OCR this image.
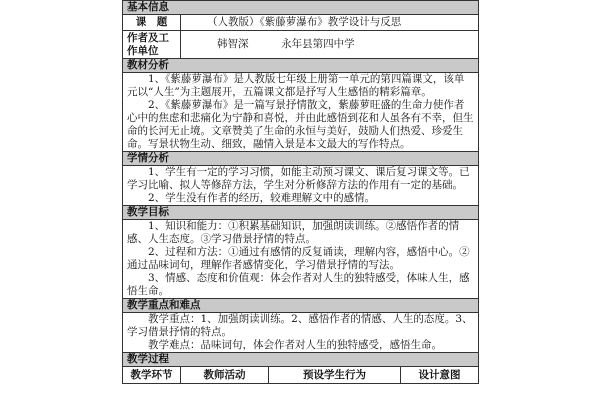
基本信息			
课　题	（人教版）《紫藤萝瀑布》教学设计与反思		
作者及工作单位	韩智深 永年县第四中学		
教材分析			

1、《紫藤萝瀑布》是人教版七年级上册第一单元的第四篇课文，该单元以“人生”为主题展开，五篇课文都是抒写人生感悟的精彩篇章。

2、《紫藤萝瀑布》是一篇写景抒情散文，紫藤萝旺盛的生命力使作者心中的焦虑和悲痛化为宁静和喜悦，并由此感悟到花和人虽各有不幸，但生命的长河无止境。文章赞美了生命的永恒与美好，鼓励人们热爱、珍爱生命。写景状物生动、细致，融情入景是本文最大的写作特点。			

学情分析			

1、学生有一定的学习习惯，如能主动预习课文、课后复习课文等。已学习比喻、拟人等修辞方法，学生对分析修辞方法的作用有一定的基础。

2、学生没有作者的经历，较难理解文中的感情。			

教学目标			

1、知识和能力：①积累基础知识，加强朗读训练。②感悟作者的情感、人生态度。③学习借景抒情的特点。

2、过程和方法：①通过有感情的反复诵读，理解内容，感悟中心。②通过品味词句，理解作者感情变化，学习借景抒情的写法。

3、情感、态度和价值观：体会作者对人生的独特感受，体味人生，感悟生命。			

教学重点和难点			

教学重点：1、加强朗读训练。2、感悟作者的情感、人生的态度。3、学习借景抒情的特点。

教学难点：品味词句，体会作者对人生的独特感受，感悟生命。			

教学过程			
教学环节	教师活动	预设学生行为	设计意图
